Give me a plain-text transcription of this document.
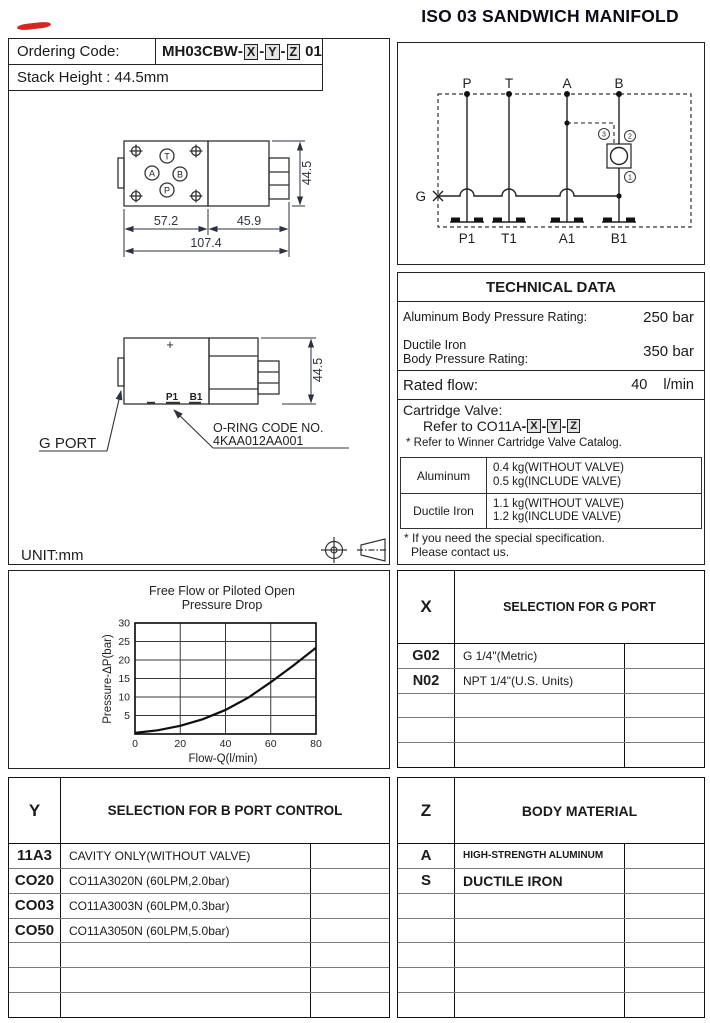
ISO 03 SANDWICH MANIFOLD
Ordering Code:	MH03CBW - X - Y - Z 01
Stack Height : 44.5mm
T
A B
P
57.2	45.9
107.4
44.5
+
P1 B1
44.5
G PORT
O-RING CODE NO.
4KAA012AA001
UNIT:mm
P T	A	B
G
3	2
1
P1 T1	A1	B1
TECHNICAL DATA
Aluminum Body Pressure Rating:	250 bar
Ductile Iron
Body Pressure Rating:	350 bar
Rated flow:	40 l/min
Cartridge Valve:
Refer to CO11A - X - Y - Z
* Refer to Winner Cartridge Valve Catalog.
Aluminum
0.4 kg(WITHOUT VALVE)
0.5 kg(INCLUDE VALVE)
Ductile Iron
1.1 kg(WITHOUT VALVE)
1.2 kg(INCLUDE VALVE)
* If you need the special specification.
Please contact us.
Free Flow or Piloted Open
Pressure Drop
Flow-Q(l/min)
Pressure-ΔP(bar)
0	20	40	60	80
5
10
15
20
25
30
X	SELECTION FOR G PORT
G02	G 1/4"(Metric)
N02	NPT 1/4"(U.S. Units)
Y	SELECTION FOR B PORT CONTROL
11A3	CAVITY ONLY(WITHOUT VALVE)
CO20	CO11A3020N (60LPM,2.0bar)
CO03	CO11A3003N (60LPM,0.3bar)
CO50	CO11A3050N (60LPM,5.0bar)
Z	BODY MATERIAL
A	HIGH-STRENGTH ALUMINUM
S	DUCTILE IRON
